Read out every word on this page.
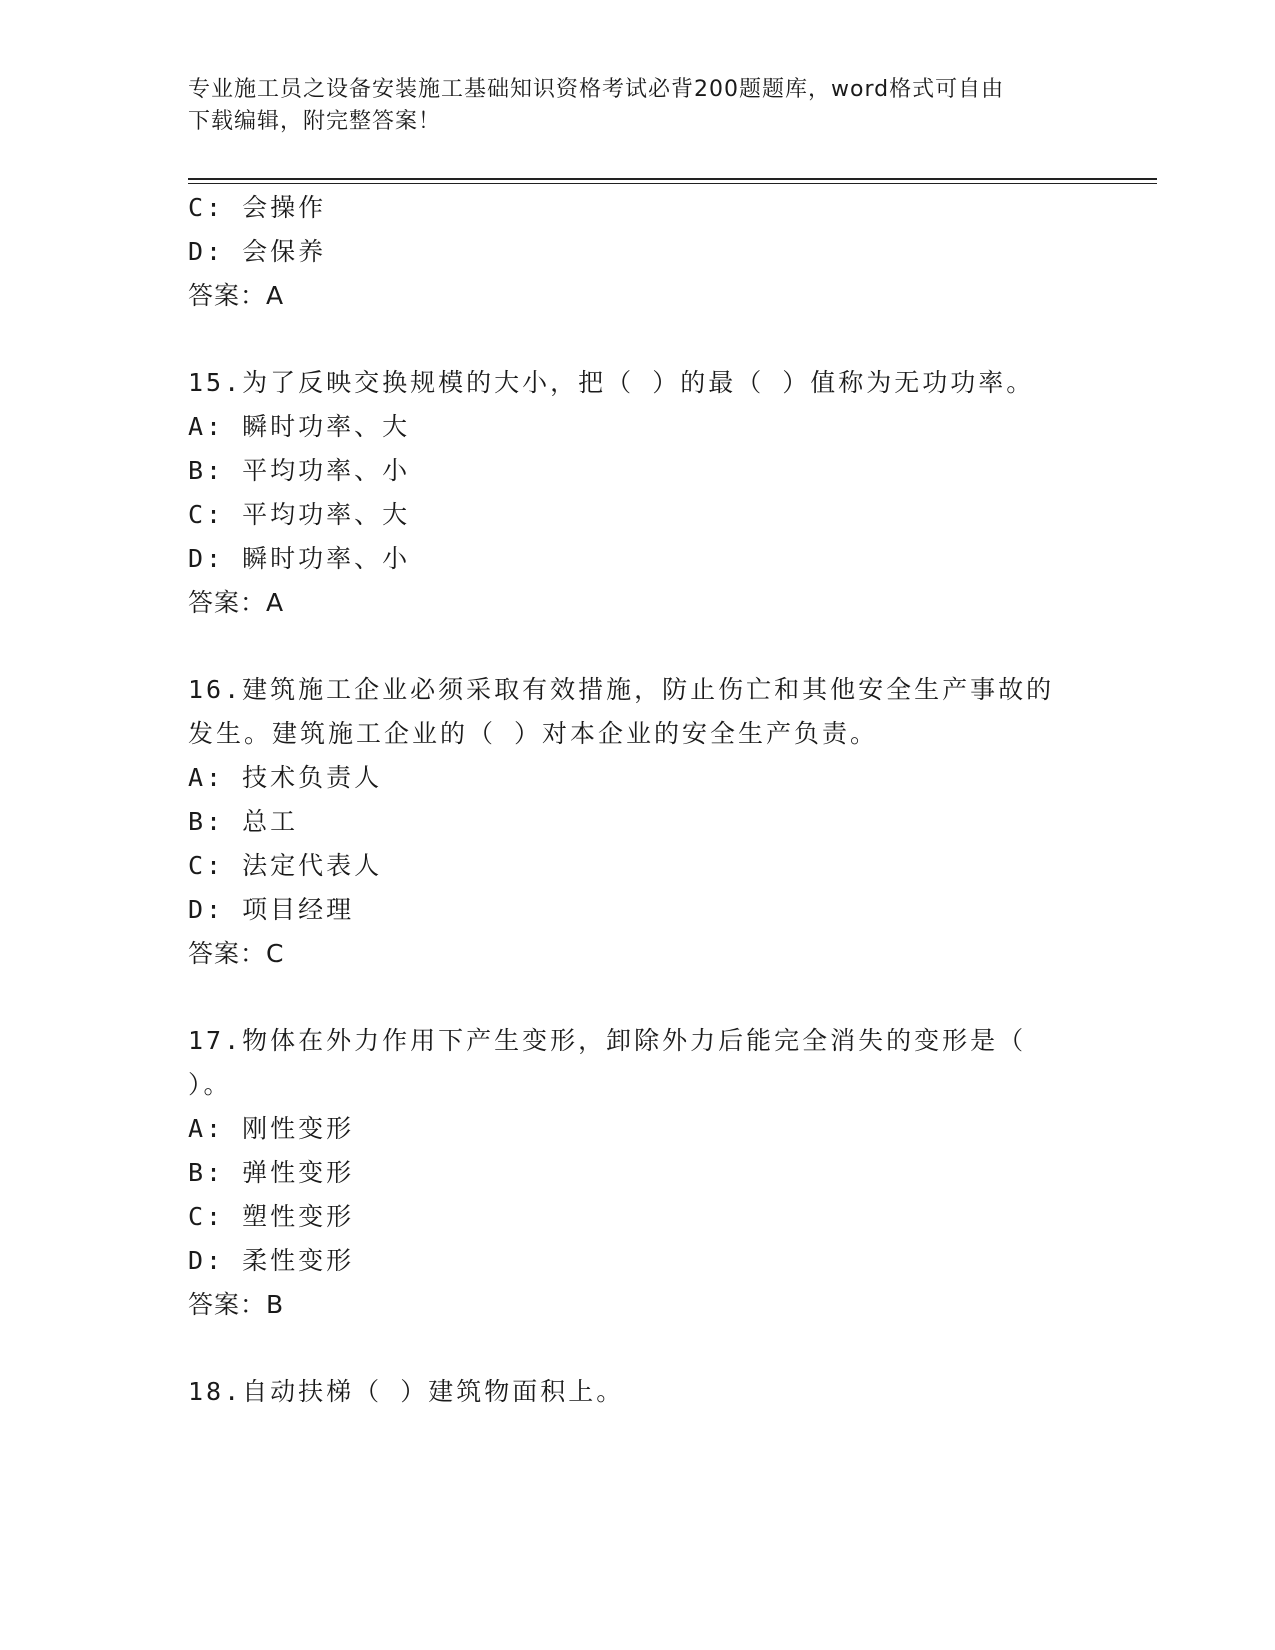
专业施工员之设备安装施工基础知识资格考试必背200题题库，word格式可自由
下载编辑，附完整答案！
C: 会操作
D: 会保养
答案：A
15.为了反映交换规模的大小，把（ ）的最（ ）值称为无功功率。
A: 瞬时功率、大
B: 平均功率、小
C: 平均功率、大
D: 瞬时功率、小
答案：A
16.建筑施工企业必须采取有效措施，防止伤亡和其他安全生产事故的
发生。建筑施工企业的（ ）对本企业的安全生产负责。
A: 技术负责人
B: 总工
C: 法定代表人
D: 项目经理
答案：C
17.物体在外力作用下产生变形，卸除外力后能完全消失的变形是（
）。
A: 刚性变形
B: 弹性变形
C: 塑性变形
D: 柔性变形
答案：B
18.自动扶梯（ ）建筑物面积上。
